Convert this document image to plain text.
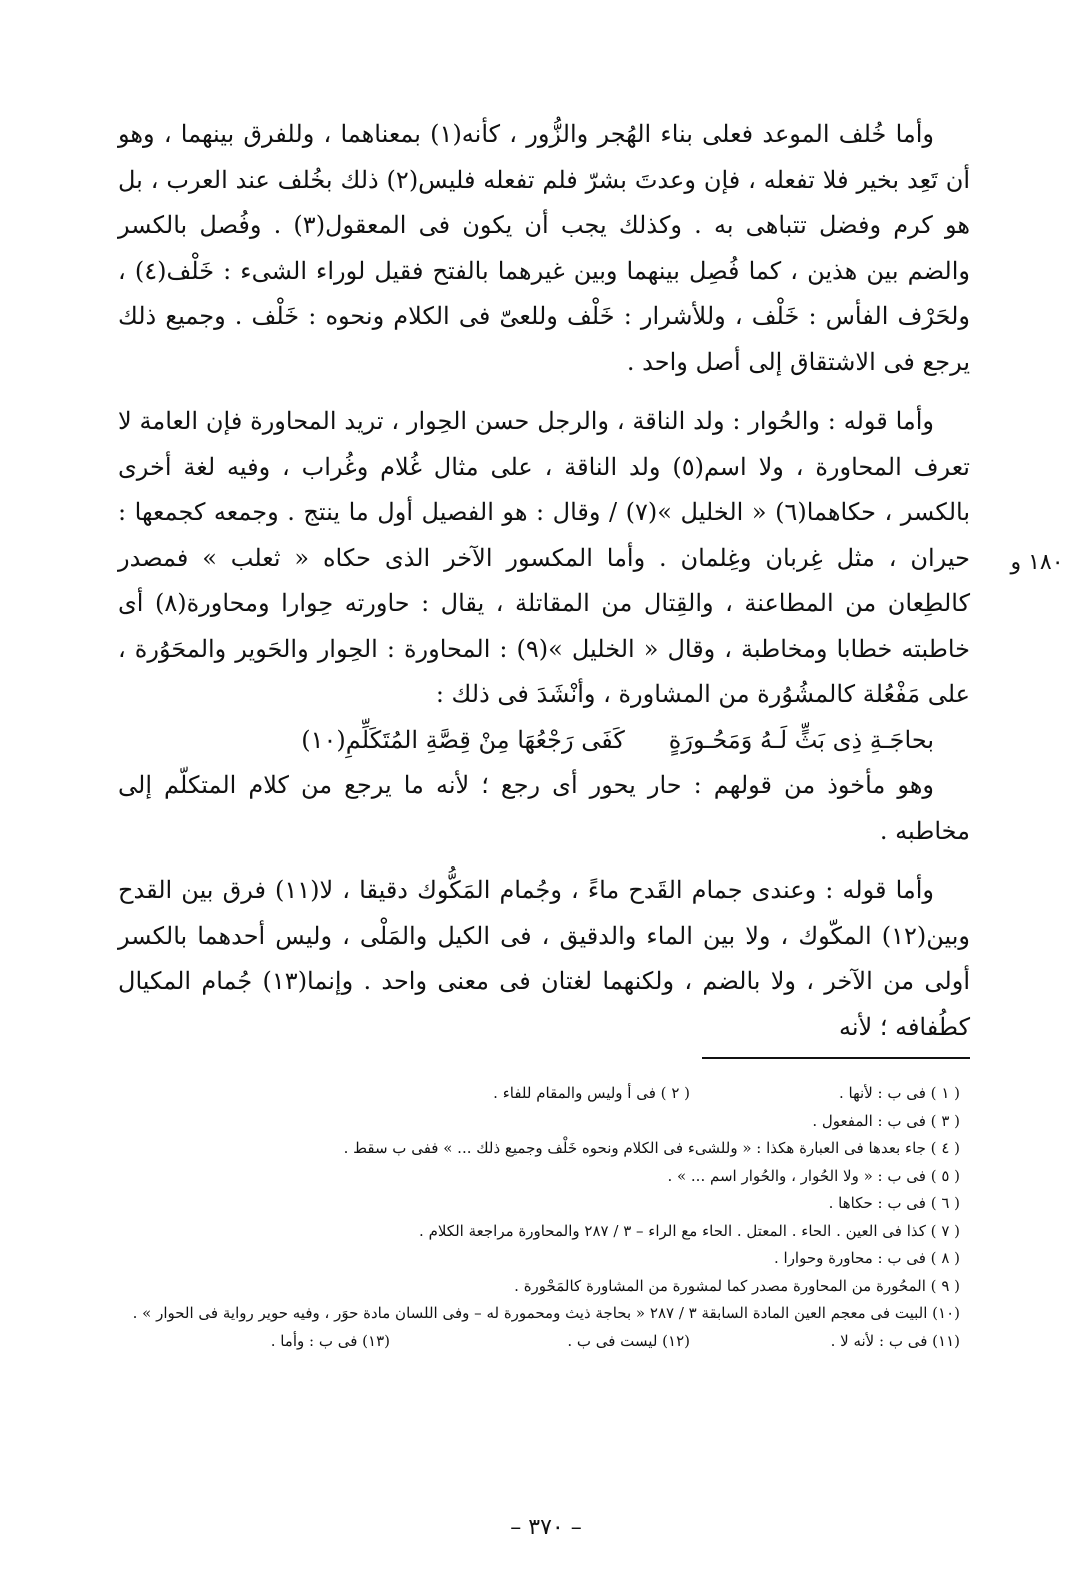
١٨٠ و

وأما خُلف الموعد فعلى بناء الهُجر والزُّور ، كأنه(١) بمعناهما ، وللفرق بينهما ، وهو أن تَعِد بخير فلا تفعله ، فإن وعدتَ بشرّ فلم تفعله فليس(٢) ذلك بخُلف عند العرب ، بل هو كرم وفضل تتباهى به . وكذلك يجب أن يكون فى المعقول(٣) . وفُصل بالكسر والضم بين هذين ، كما فُصِل بينهما وبين غيرهما بالفتح فقيل لوراء الشىء : خَلْف(٤) ، ولحَرْف الفأس : خَلْف ، وللأشرار : خَلْف وللعىّ فى الكلام ونحوه : خَلْف . وجميع ذلك يرجع فى الاشتقاق إلى أصل واحد .

وأما قوله : والحُوار : ولد الناقة ، والرجل حسن الحِوار ، تريد المحاورة فإن العامة لا تعرف المحاورة ، ولا اسم(٥) ولد الناقة ، على مثال غُلام وغُراب ، وفيه لغة أخرى بالكسر ، حكاهما(٦) « الخليل »(٧) / وقال : هو الفصيل أول ما ينتج . وجمعه كجمعها : حيران ، مثل غِربان وغِلمان . وأما المكسور الآخر الذى حكاه « ثعلب » فمصدر كالطِعان من المطاعنة ، والقِتال من المقاتلة ، يقال : حاورته حِوارا ومحاورة(٨) أى خاطبته خطابا ومخاطبة ، وقال « الخليل »(٩) : المحاورة : الحِوار والحَوير والمحَوُرة ، على مَفْعُلة كالمشُوُرة من المشاورة ، وأنْشَدَ فى ذلك :

بحاجَـةِ ذِى بَثٍّ لَـهُ وَمَحُـورَةٍ
كَفَى رَجْعُهَا مِنْ قِصَّةِ المُتَكَلِّمِ(١٠)

وهو مأخوذ من قولهم : حار يحور أى رجع ؛ لأنه ما يرجع من كلام المتكلّم إلى مخاطبه .

وأما قوله : وعندى جمام القَدح ماءً ، وجُمام المَكُّوك دقيقا ، لا(١١) فرق بين القدح وبين(١٢) المكّوك ، ولا بين الماء والدقيق ، فى الكيل والمَلْى ، وليس أحدهما بالكسر أولى من الآخر ، ولا بالضم ، ولكنهما لغتان فى معنى واحد . وإنما(١٣) جُمام المكيال كطُفافه ؛ لأنه

( ١ ) فى ب : لأنها .

( ٢ ) فى أ وليس والمقام للفاء .

( ٣ ) فى ب : المفعول .

( ٤ ) جاء بعدها فى العبارة هكذا : « وللشىء فى الكلام ونحوه خَلْف وجميع ذلك ... » ففى ب سقط .

( ٥ ) فى ب : « ولا الحُوار ، والحُوار اسم ... » .

( ٦ ) فى ب : حكاها .

( ٧ ) كذا فى العين . الحاء . المعتل . الحاء مع الراء – ٣ / ٢٨٧ والمحاورة مراجعة الكلام .

( ٨ ) فى ب : محاورة وحوارا .

( ٩ ) المحُورة من المحاورة مصدر كما لمشورة من المشاورة كالمَحْورة .

(١٠) البيت فى معجم العين المادة السابقة ٣ / ٢٨٧ « بحاجة ذيث ومحمورة له – وفى اللسان مادة حوَر ، وفيه حوير رواية فى الحوار » .

(١١) فى ب : لأنه لا .

(١٢) ليست فى ب .

(١٣) فى ب : وأما .

– ٣٧٠ –
